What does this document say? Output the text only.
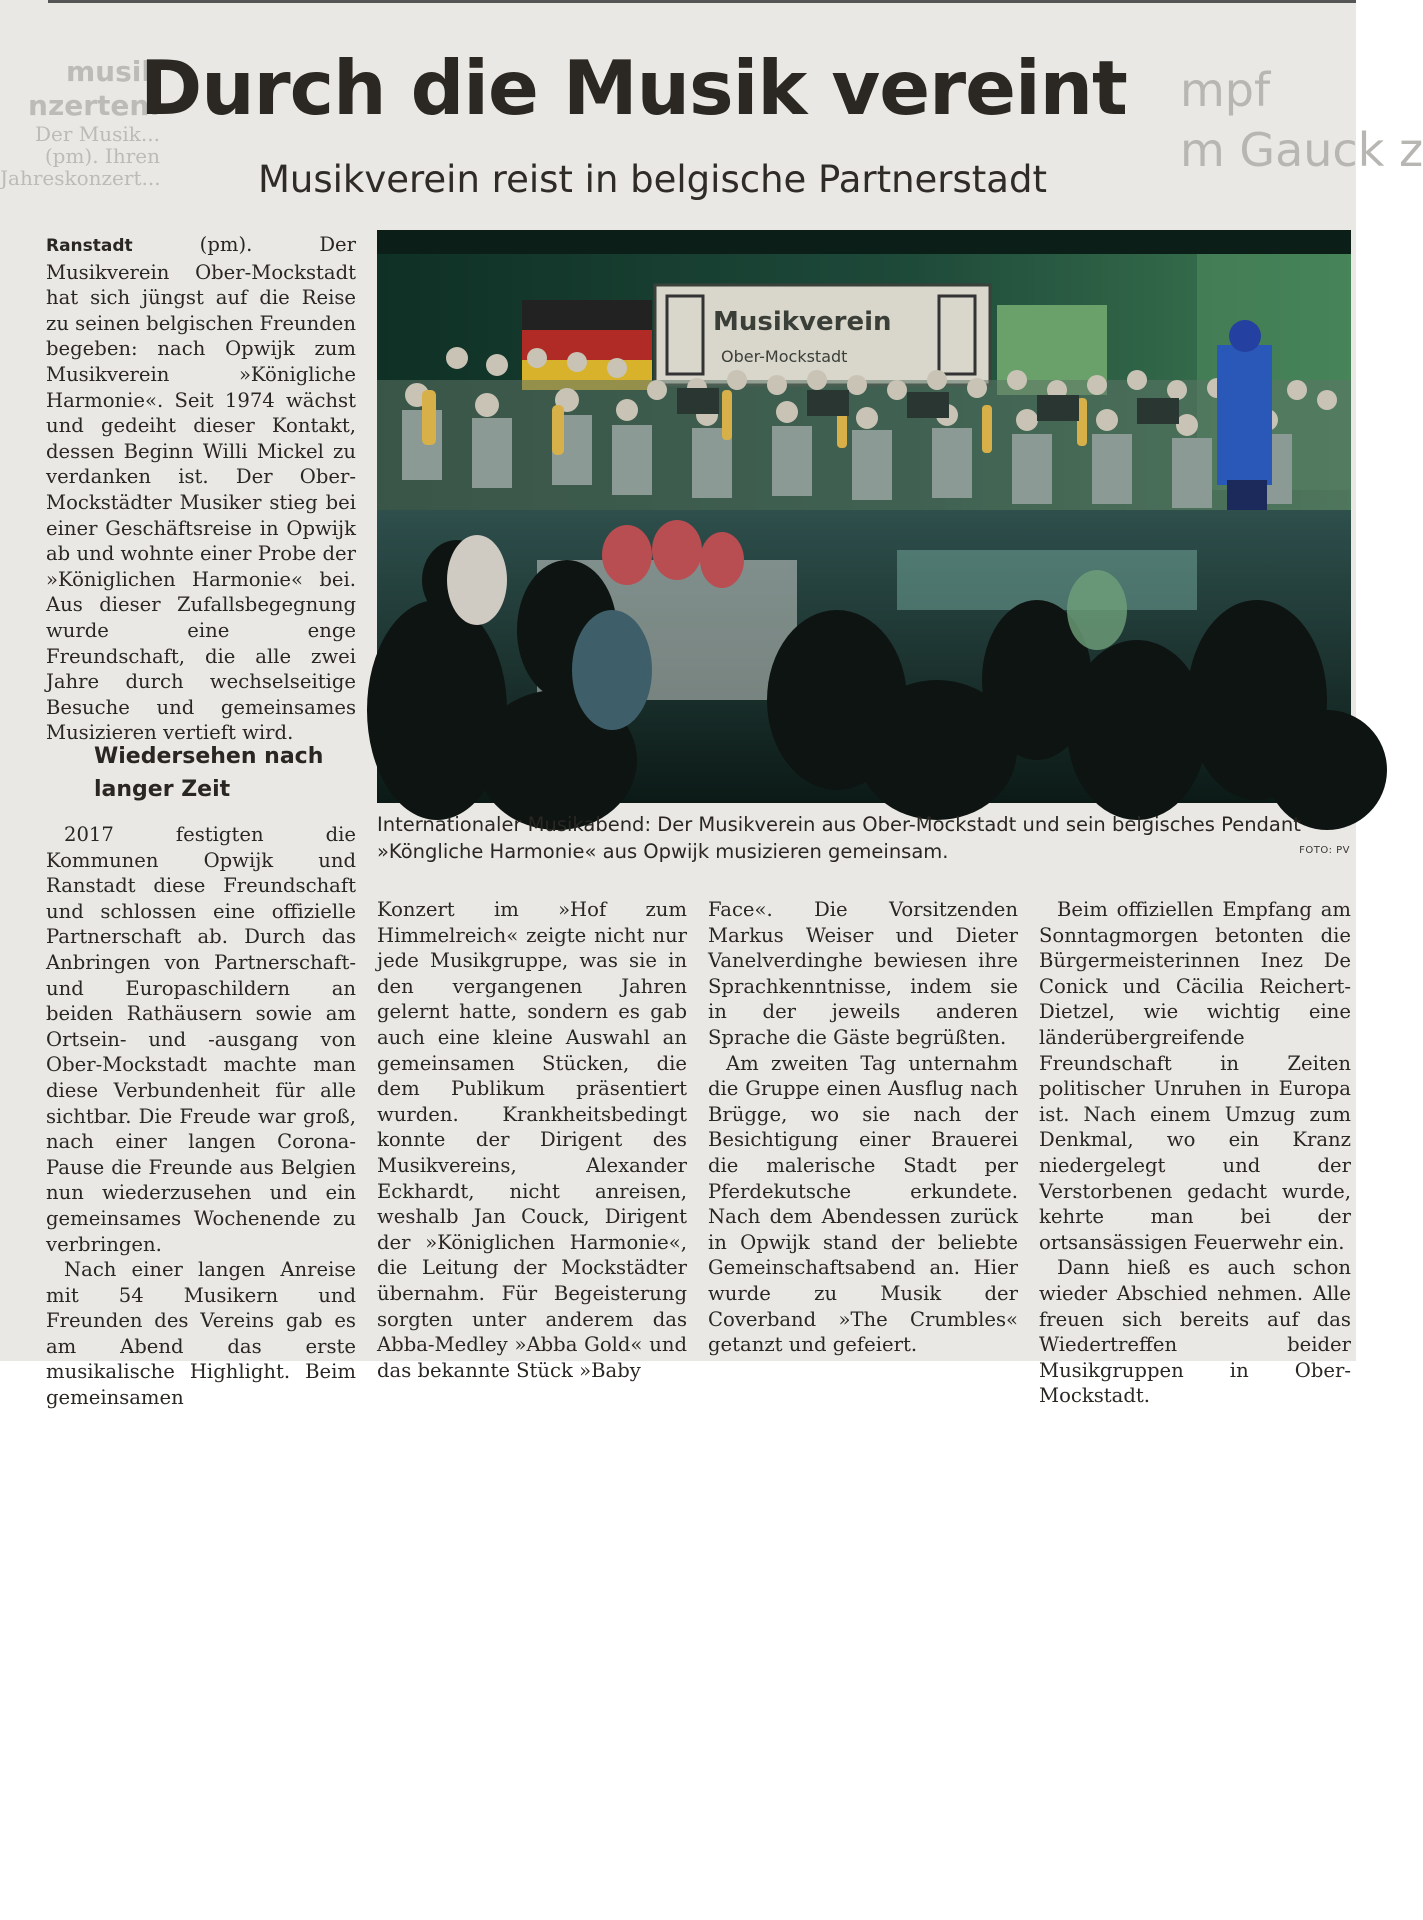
musik
nzerten.
Der Musik... (pm). Ihren Jahreskonzert...
mpf
m Gauck z
Durch die Musik vereint
Musikverein reist in belgische Partnerstadt

Ranstadt (pm). Der Musikverein Ober-Mockstadt hat sich jüngst auf die Reise zu seinen belgischen Freunden begeben: nach Opwijk zum Musikverein »Königliche Harmonie«. Seit 1974 wächst und gedeiht dieser Kontakt, dessen Beginn Willi Mickel zu verdanken ist. Der Ober-Mockstädter Musiker stieg bei einer Geschäftsreise in Opwijk ab und wohnte einer Probe der »Königlichen Harmonie« bei. Aus dieser Zufallsbegegnung wurde eine enge Freundschaft, die alle zwei Jahre durch wechselseitige Besuche und gemeinsames Musizieren vertieft wird.

Wiedersehen nach langer Zeit

2017 festigten die Kommunen Opwijk und Ranstadt diese Freundschaft und schlossen eine offizielle Partnerschaft ab. Durch das Anbringen von Partnerschaft- und Europaschildern an beiden Rathäusern sowie am Ortsein- und -ausgang von Ober-Mockstadt machte man diese Verbundenheit für alle sichtbar. Die Freude war groß, nach einer langen Corona-Pause die Freunde aus Belgien nun wiederzusehen und ein gemeinsames Wochenende zu verbringen.

Nach einer langen Anreise mit 54 Musikern und Freunden des Vereins gab es am Abend das erste musikalische Highlight. Beim gemeinsamen

Musikverein
Ober-Mockstadt
Internationaler Musikabend: Der Musikverein aus Ober-Mockstadt und sein belgisches Pendant »Köngliche Harmonie« aus Opwijk musizieren gemeinsam.	FOTO: PV

Konzert im »Hof zum Himmelreich« zeigte nicht nur jede Musikgruppe, was sie in den vergangenen Jahren gelernt hatte, sondern es gab auch eine kleine Auswahl an gemeinsamen Stücken, die dem Publikum präsentiert wurden. Krankheitsbedingt konnte der Dirigent des Musikvereins, Alexander Eckhardt, nicht anreisen, weshalb Jan Couck, Dirigent der »Königlichen Harmonie«, die Leitung der Mockstädter übernahm. Für Begeisterung sorgten unter anderem das Abba-Medley »Abba Gold« und das bekannte Stück »Baby

Face«. Die Vorsitzenden Markus Weiser und Dieter Vanelverdinghe bewiesen ihre Sprachkenntnisse, indem sie in der jeweils anderen Sprache die Gäste begrüßten.

Am zweiten Tag unternahm die Gruppe einen Ausflug nach Brügge, wo sie nach der Besichtigung einer Brauerei die malerische Stadt per Pferdekutsche erkundete. Nach dem Abendessen zurück in Opwijk stand der beliebte Gemeinschaftsabend an. Hier wurde zu Musik der Coverband »The Crumbles« getanzt und gefeiert.

Beim offiziellen Empfang am Sonntagmorgen betonten die Bürgermeisterinnen Inez De Conick und Cäcilia Reichert-Dietzel, wie wichtig eine länderübergreifende Freundschaft in Zeiten politischer Unruhen in Europa ist. Nach einem Umzug zum Denkmal, wo ein Kranz niedergelegt und der Verstorbenen gedacht wurde, kehrte man bei der ortsansässigen Feuerwehr ein.

Dann hieß es auch schon wieder Abschied nehmen. Alle freuen sich bereits auf das Wiedertreffen beider Musikgruppen in Ober-Mockstadt.
